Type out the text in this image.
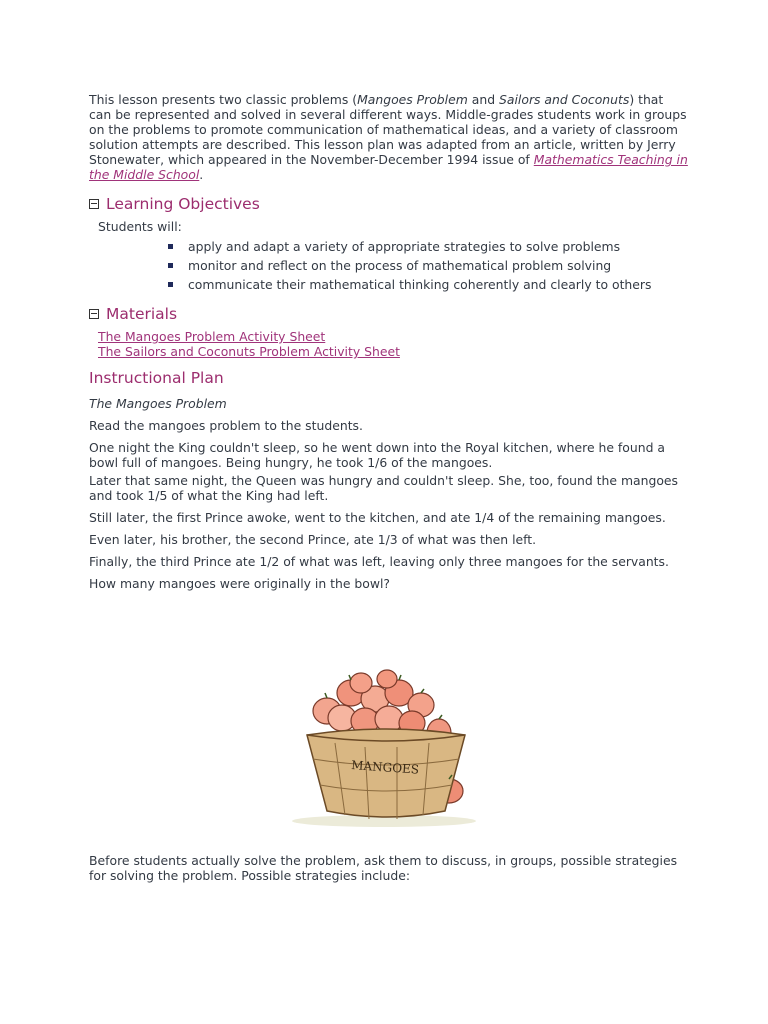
This lesson presents two classic problems (Mangoes Problem and Sailors and Coconuts) that can be represented and solved in several different ways. Middle-grades students work in groups on the problems to promote communication of mathematical ideas, and a variety of classroom solution attempts are described. This lesson plan was adapted from an article, written by Jerry Stonewater, which appeared in the November-December 1994 issue of Mathematics Teaching in the Middle School.

Learning Objectives

Students will:

apply and adapt a variety of appropriate strategies to solve problems
monitor and reflect on the process of mathematical problem solving
communicate their mathematical thinking coherently and clearly to others
Materials
The Mangoes Problem Activity Sheet
The Sailors and Coconuts Problem Activity Sheet
Instructional Plan

The Mangoes Problem

Read the mangoes problem to the students.

One night the King couldn't sleep, so he went down into the Royal kitchen, where he found a bowl full of mangoes. Being hungry, he took 1/6 of the mangoes.

Later that same night, the Queen was hungry and couldn't sleep. She, too, found the mangoes and took 1/5 of what the King had left.

Still later, the first Prince awoke, went to the kitchen, and ate 1/4 of the remaining mangoes.

Even later, his brother, the second Prince, ate 1/3 of what was then left.

Finally, the third Prince ate 1/2 of what was left, leaving only three mangoes for the servants.

How many mangoes were originally in the bowl?

MANGOES
Before students actually solve the problem, ask them to discuss, in groups, possible strategies for solving the problem. Possible strategies include:
